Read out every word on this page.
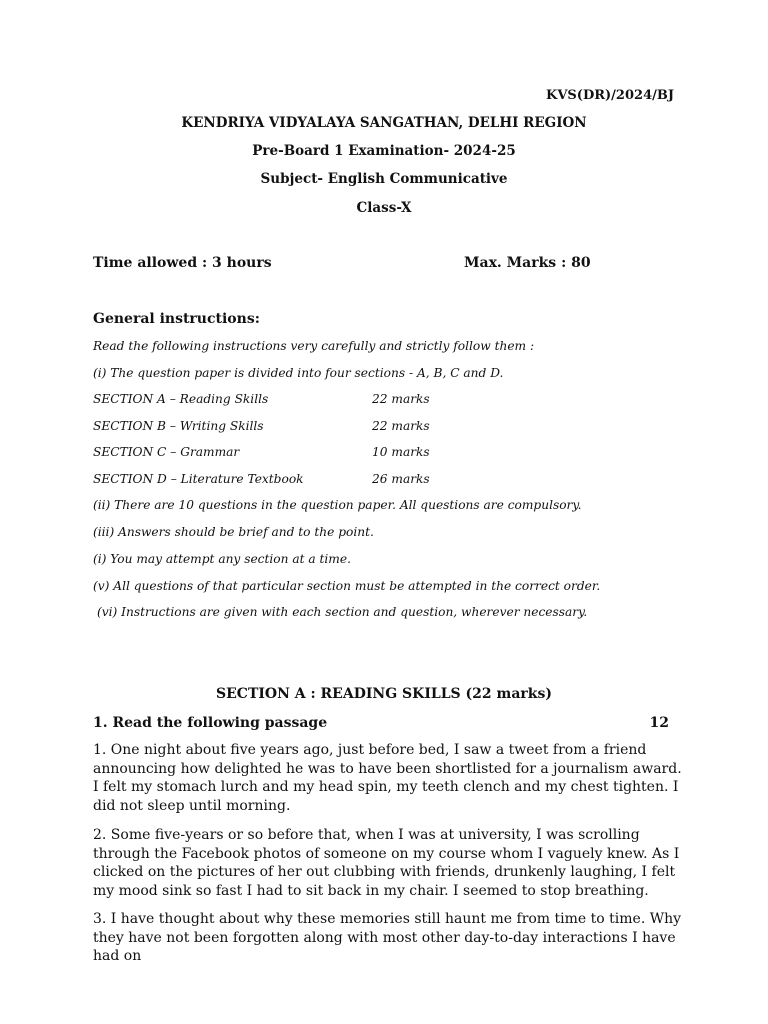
KVS(DR)/2024/BJ
KENDRIYA VIDYALAYA SANGATHAN, DELHI REGION
Pre-Board 1 Examination- 2024-25
Subject- English Communicative
Class-X
Time allowed : 3 hours	Max. Marks : 80
General instructions:
Read the following instructions very carefully and strictly follow them :
(i) The question paper is divided into four sections - A, B, C and D.
SECTION A – Reading Skills	22 marks
SECTION B – Writing Skills	22 marks
SECTION C – Grammar	10 marks
SECTION D – Literature Textbook	26 marks
(ii) There are 10 questions in the question paper. All questions are compulsory.
(iii) Answers should be brief and to the point.
(i) You may attempt any section at a time.
(v) All questions of that particular section must be attempted in the correct order.
(vi) Instructions are given with each section and question, wherever necessary.
SECTION A : READING SKILLS (22 marks)
1. Read the following passage	12

1. One night about five years ago, just before bed, I saw a tweet from a friend announcing how delighted he was to have been shortlisted for a journalism award. I felt my stomach lurch and my head spin, my teeth clench and my chest tighten. I did not sleep until morning.

2. Some five-years or so before that, when I was at university, I was scrolling through the Facebook photos of someone on my course whom I vaguely knew. As I clicked on the pictures of her out clubbing with friends, drunkenly laughing, I felt my mood sink so fast I had to sit back in my chair. I seemed to stop breathing.

3. I have thought about why these memories still haunt me from time to time. Why they have not been forgotten along with most other day-to-day interactions I have had on
